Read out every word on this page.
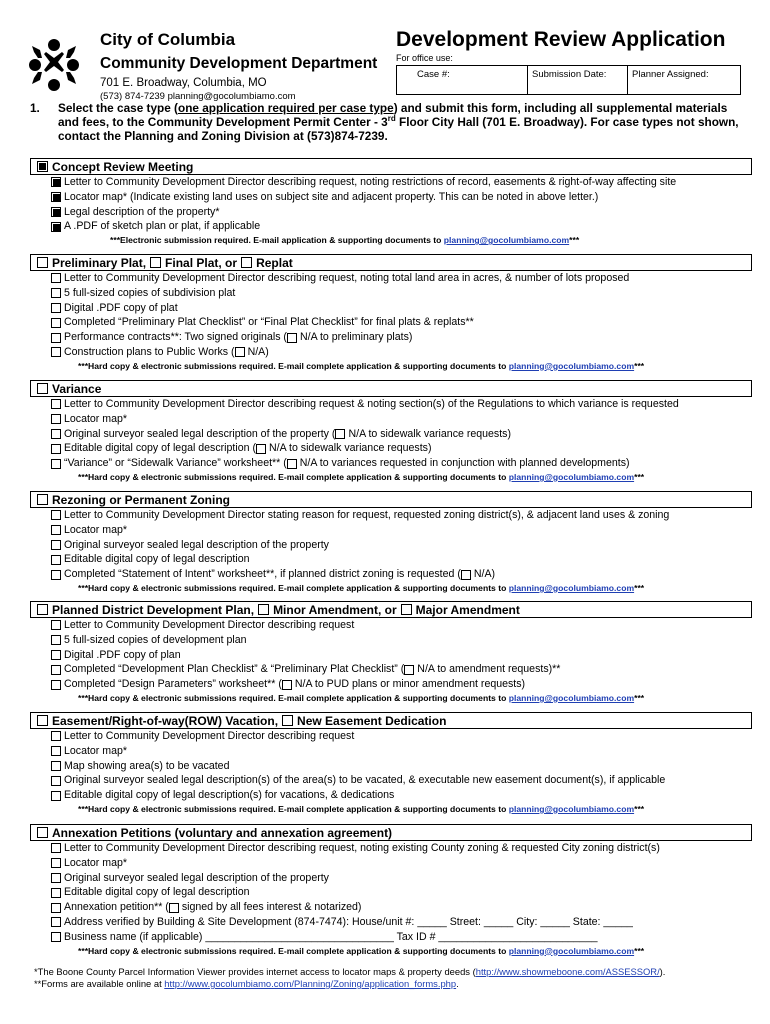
City of Columbia
Community Development Department
701 E. Broadway, Columbia, MO
(573) 874-7239 planning@gocolumbiamo.com
Development Review Application
For office use:
Case #:	Submission Date:	Planner Assigned:
1. Select the case type (one application required per case type) and submit this form, including all supplemental materials and fees, to the Community Development Permit Center - 3rd Floor City Hall (701 E. Broadway). For case types not shown, contact the Planning and Zoning Division at (573)874-7239.
Concept Review Meeting
Letter to Community Development Director describing request, noting restrictions of record, easements & right-of-way affecting site
Locator map* (Indicate existing land uses on subject site and adjacent property. This can be noted in above letter.)
Legal description of the property*
A .PDF of sketch plan or plat, if applicable
***Electronic submission required. E-mail application & supporting documents to planning@gocolumbiamo.com***
Preliminary Plat, Final Plat, or Replat
Letter to Community Development Director describing request, noting total land area in acres, & number of lots proposed
5 full-sized copies of subdivision plat
Digital .PDF copy of plat
Completed “Preliminary Plat Checklist” or “Final Plat Checklist” for final plats & replats**
Performance contracts**: Two signed originals ( N/A to preliminary plats)
Construction plans to Public Works ( N/A)
***Hard copy & electronic submissions required. E-mail complete application & supporting documents to planning@gocolumbiamo.com***
Variance
Letter to Community Development Director describing request & noting section(s) of the Regulations to which variance is requested
Locator map*
Original surveyor sealed legal description of the property ( N/A to sidewalk variance requests)
Editable digital copy of legal description ( N/A to sidewalk variance requests)
“Variance” or “Sidewalk Variance” worksheet** ( N/A to variances requested in conjunction with planned developments)
***Hard copy & electronic submissions required. E-mail complete application & supporting documents to planning@gocolumbiamo.com***
Rezoning or Permanent Zoning
Letter to Community Development Director stating reason for request, requested zoning district(s), & adjacent land uses & zoning
Locator map*
Original surveyor sealed legal description of the property
Editable digital copy of legal description
Completed “Statement of Intent” worksheet**, if planned district zoning is requested ( N/A)
***Hard copy & electronic submissions required. E-mail complete application & supporting documents to planning@gocolumbiamo.com***
Planned District Development Plan, Minor Amendment, or Major Amendment
Letter to Community Development Director describing request
5 full-sized copies of development plan
Digital .PDF copy of plan
Completed “Development Plan Checklist” & “Preliminary Plat Checklist” ( N/A to amendment requests)**
Completed “Design Parameters” worksheet** ( N/A to PUD plans or minor amendment requests)
***Hard copy & electronic submissions required. E-mail complete application & supporting documents to planning@gocolumbiamo.com***
Easement/Right-of-way(ROW) Vacation, New Easement Dedication
Letter to Community Development Director describing request
Locator map*
Map showing area(s) to be vacated
Original surveyor sealed legal description(s) of the area(s) to be vacated, & executable new easement document(s), if applicable
Editable digital copy of legal description(s) for vacations, & dedications
***Hard copy & electronic submissions required. E-mail complete application & supporting documents to planning@gocolumbiamo.com***
Annexation Petitions (voluntary and annexation agreement)
Letter to Community Development Director describing request, noting existing County zoning & requested City zoning district(s)
Locator map*
Original surveyor sealed legal description of the property
Editable digital copy of legal description
Annexation petition** ( signed by all fees interest & notarized)
Address verified by Building & Site Development (874-7474): House/unit #: _____ Street: _____ City: _____ State: _____
Business name (if applicable) ________________________________ Tax ID # ___________________________
***Hard copy & electronic submissions required. E-mail complete application & supporting documents to planning@gocolumbiamo.com***
*The Boone County Parcel Information Viewer provides internet access to locator maps & property deeds (http://www.showmeboone.com/ASSESSOR/).
**Forms are available online at http://www.gocolumbiamo.com/Planning/Zoning/application_forms.php.
